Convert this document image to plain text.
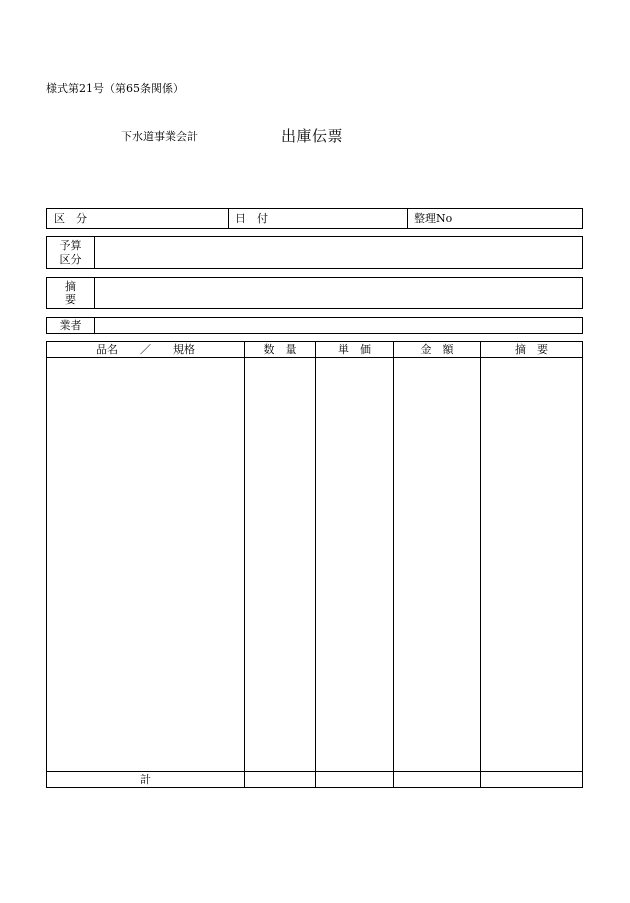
様式第21号（第65条関係）
下水道事業会計	出庫伝票
区　分	日　付	整理No
予算
区分
摘
要
業者
品名　　／　　規格	数　量	単　価	金　額	摘　要
計
